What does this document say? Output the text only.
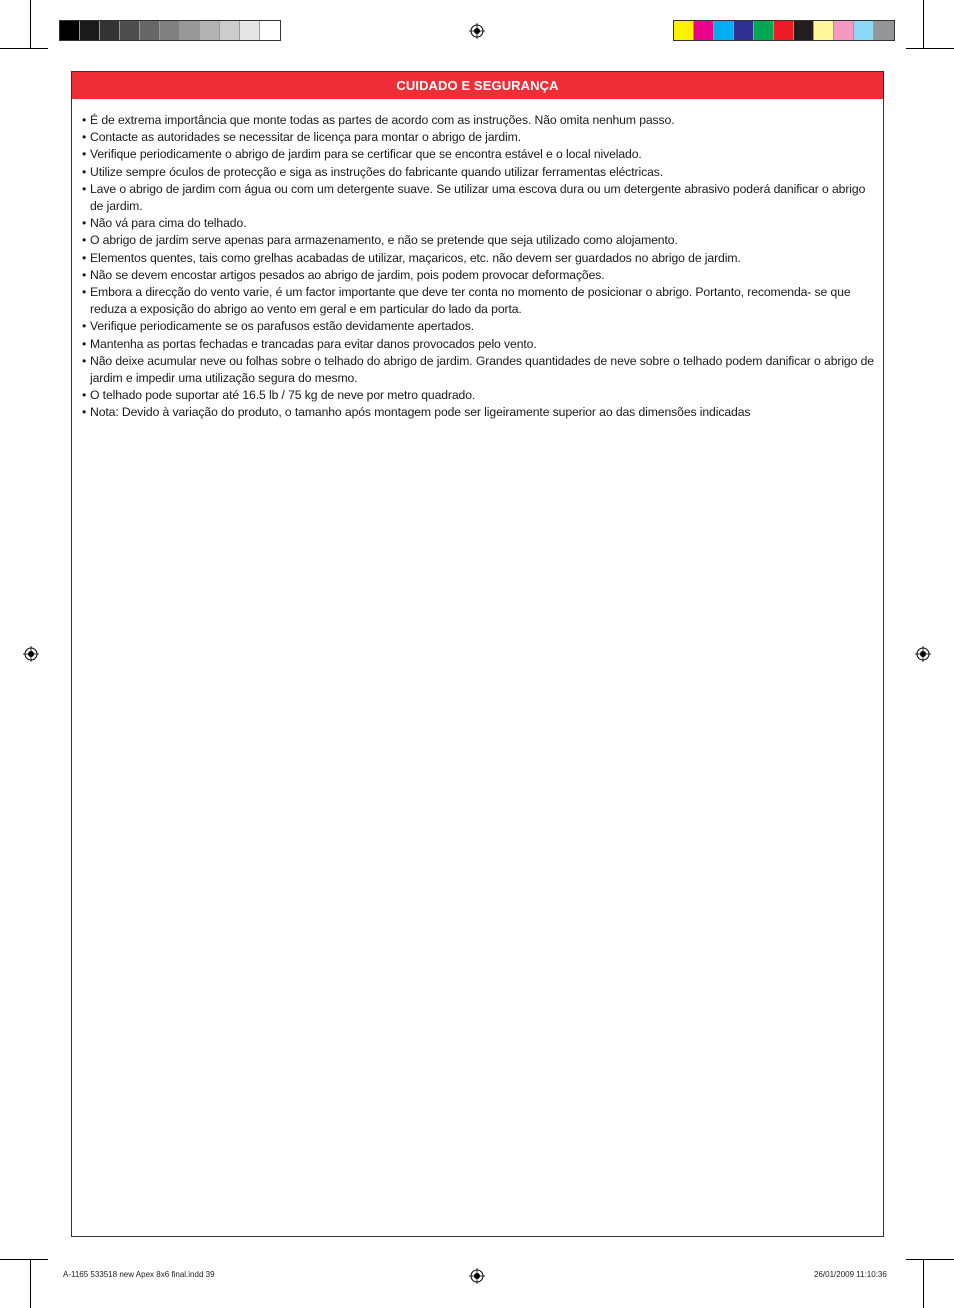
CUIDADO E SEGURANÇA
• É de extrema importância que monte todas as partes de acordo com as instruções. Não omita nenhum passo.
• Contacte as autoridades se necessitar de licença para montar o abrigo de jardim.
• Verifique periodicamente o abrigo de jardim para se certificar que se encontra estável e o local nivelado.
• Utilize sempre óculos de protecção e siga as instruções do fabricante quando utilizar ferramentas eléctricas.
• Lave o abrigo de jardim com água ou com um detergente suave. Se utilizar uma escova dura ou um detergente abrasivo poderá danificar o abrigo de jardim.
• Não vá para cima do telhado.
• O abrigo de jardim serve apenas para armazenamento, e não se pretende que seja utilizado como alojamento.
• Elementos quentes, tais como grelhas acabadas de utilizar, maçaricos, etc. não devem ser guardados no abrigo de jardim.
• Não se devem encostar artigos pesados ao abrigo de jardim, pois podem provocar deformações.
• Embora a direcção do vento varie, é um factor importante que deve ter conta no momento de posicionar o abrigo. Portanto, recomenda- se que reduza a exposição do abrigo ao vento em geral e em particular do lado da porta.
• Verifique periodicamente se os parafusos estão devidamente apertados.
• Mantenha as portas fechadas e trancadas para evitar danos provocados pelo vento.
• Não deixe acumular neve ou folhas sobre o telhado do abrigo de jardim. Grandes quantidades de neve sobre o telhado podem danificar o abrigo de jardim e impedir uma utilização segura do mesmo.
• O telhado pode suportar até 16.5 lb / 75 kg de neve por metro quadrado.
• Nota: Devido à variação do produto, o tamanho após montagem pode ser ligeiramente superior ao das dimensões indicadas
A-1165 533518 new Apex 8x6 final.indd 39	26/01/2009 11:10:36
